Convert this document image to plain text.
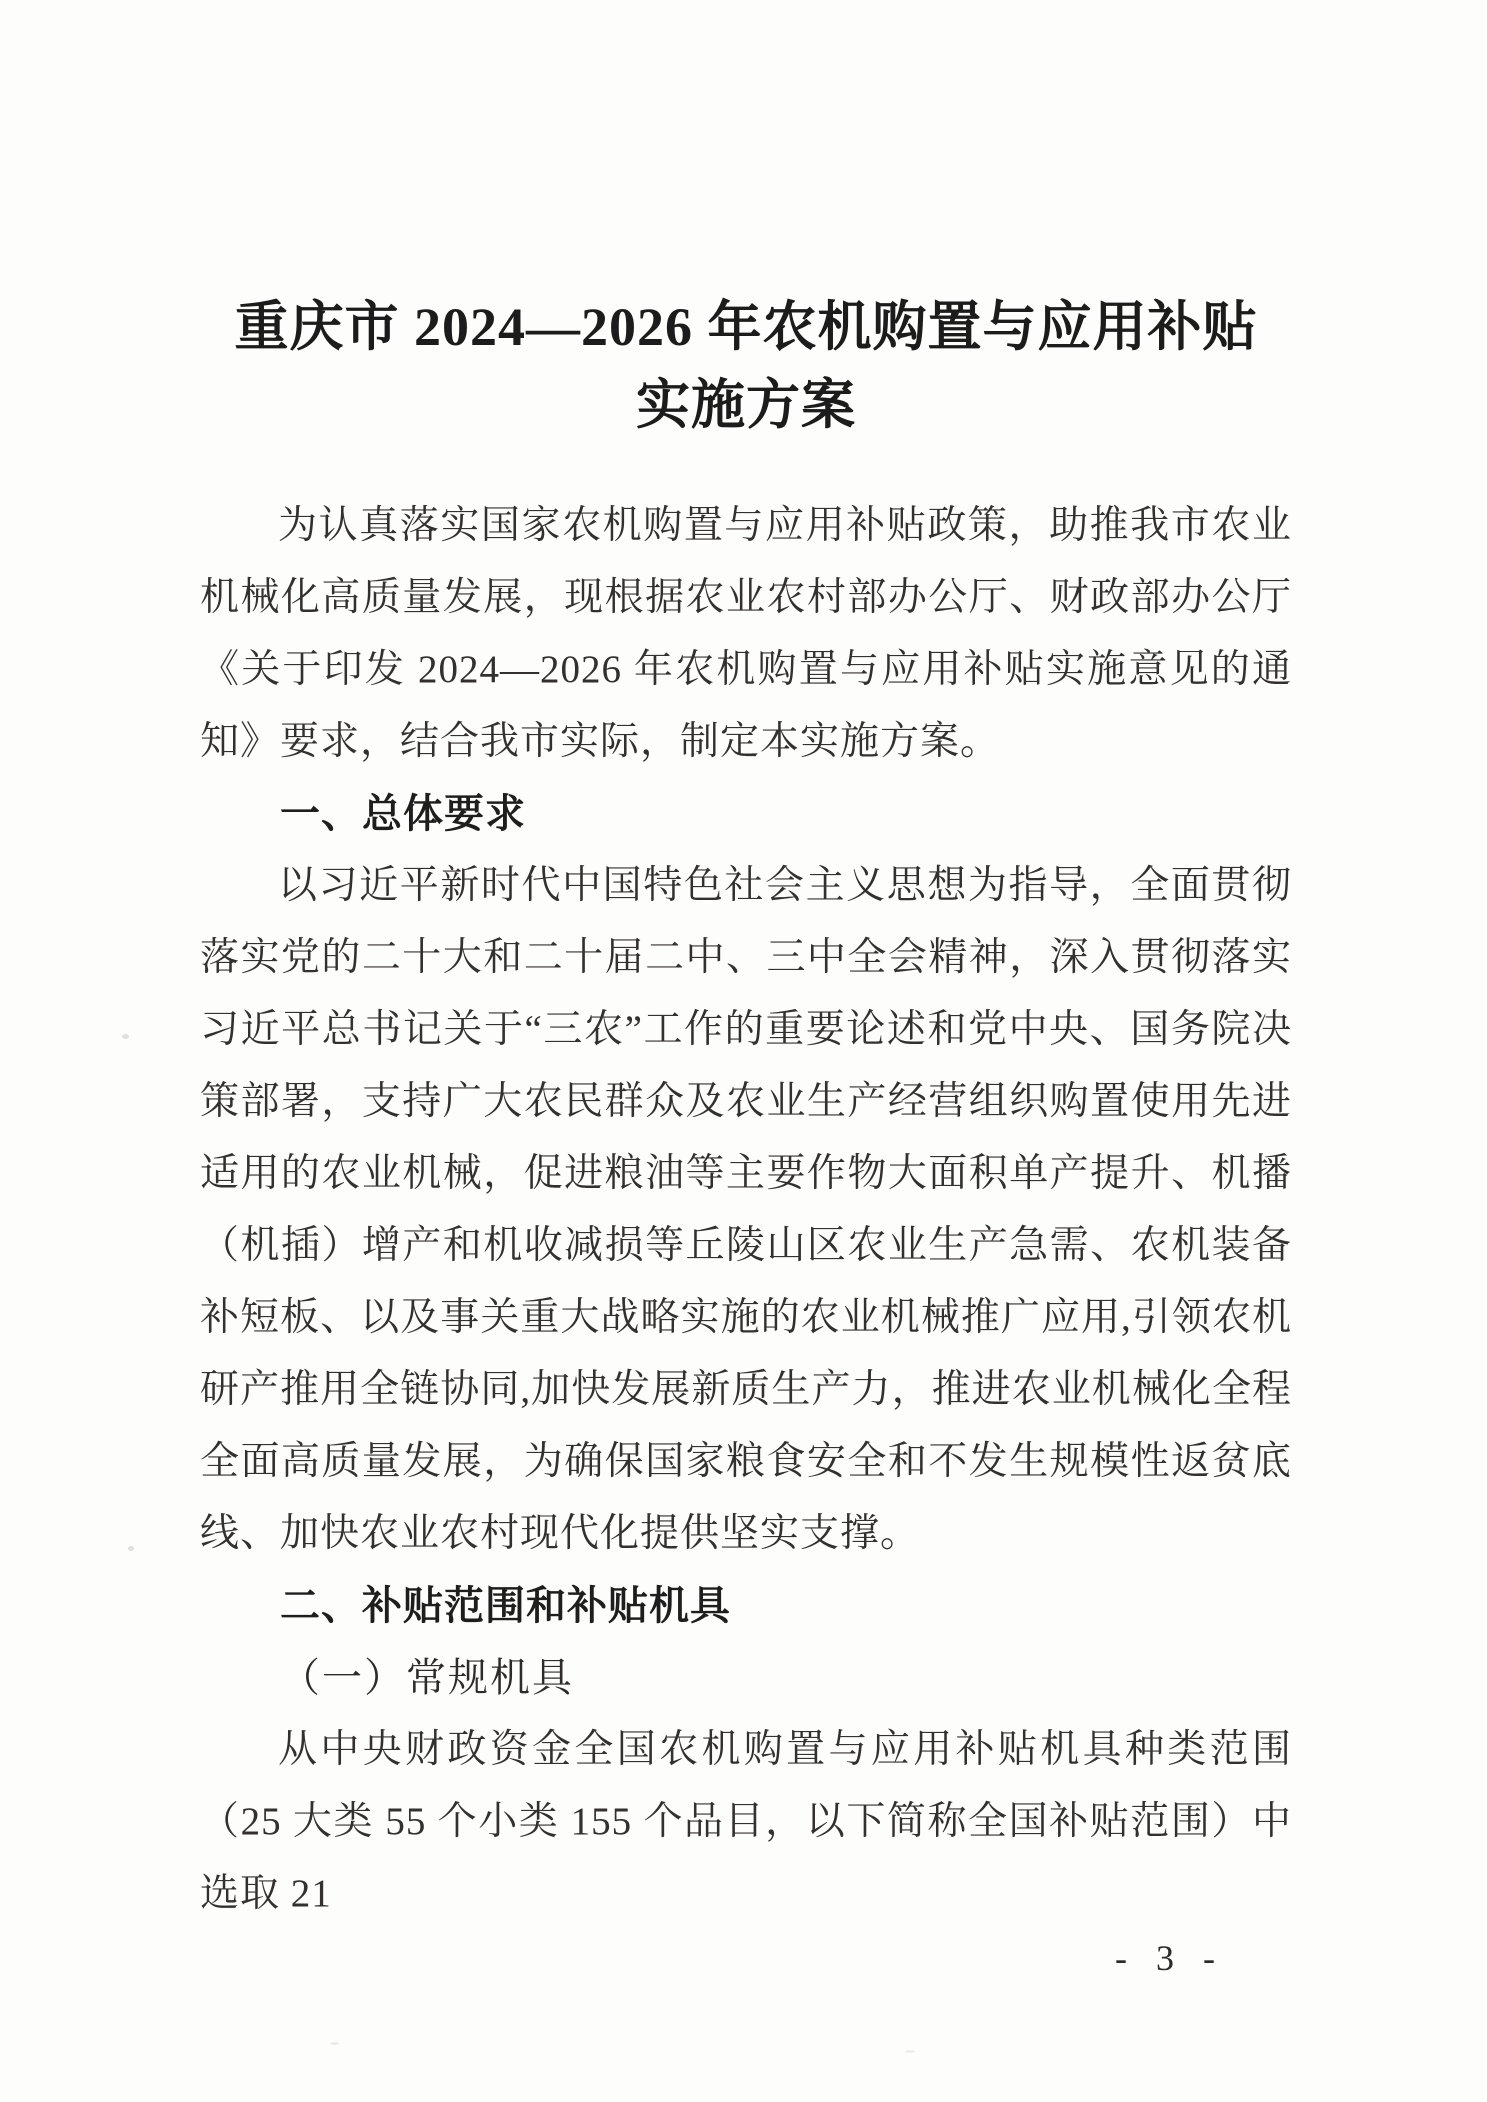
重庆市 2024—2026 年农机购置与应用补贴
实施方案

为认真落实国家农机购置与应用补贴政策，助推我市农业机械化高质量发展，现根据农业农村部办公厅、财政部办公厅《关于印发 2024—2026 年农机购置与应用补贴实施意见的通知》要求，结合我市实际，制定本实施方案。

一、总体要求

以习近平新时代中国特色社会主义思想为指导，全面贯彻落实党的二十大和二十届二中、三中全会精神，深入贯彻落实习近平总书记关于“三农”工作的重要论述和党中央、国务院决策部署，支持广大农民群众及农业生产经营组织购置使用先进适用的农业机械，促进粮油等主要作物大面积单产提升、机播（机插）增产和机收减损等丘陵山区农业生产急需、农机装备补短板、以及事关重大战略实施的农业机械推广应用,引领农机研产推用全链协同,加快发展新质生产力，推进农业机械化全程全面高质量发展，为确保国家粮食安全和不发生规模性返贫底线、加快农业农村现代化提供坚实支撑。

二、补贴范围和补贴机具

（一）常规机具

从中央财政资金全国农机购置与应用补贴机具种类范围（25 大类 55 个小类 155 个品目，以下简称全国补贴范围）中选取 21

- 3 -
